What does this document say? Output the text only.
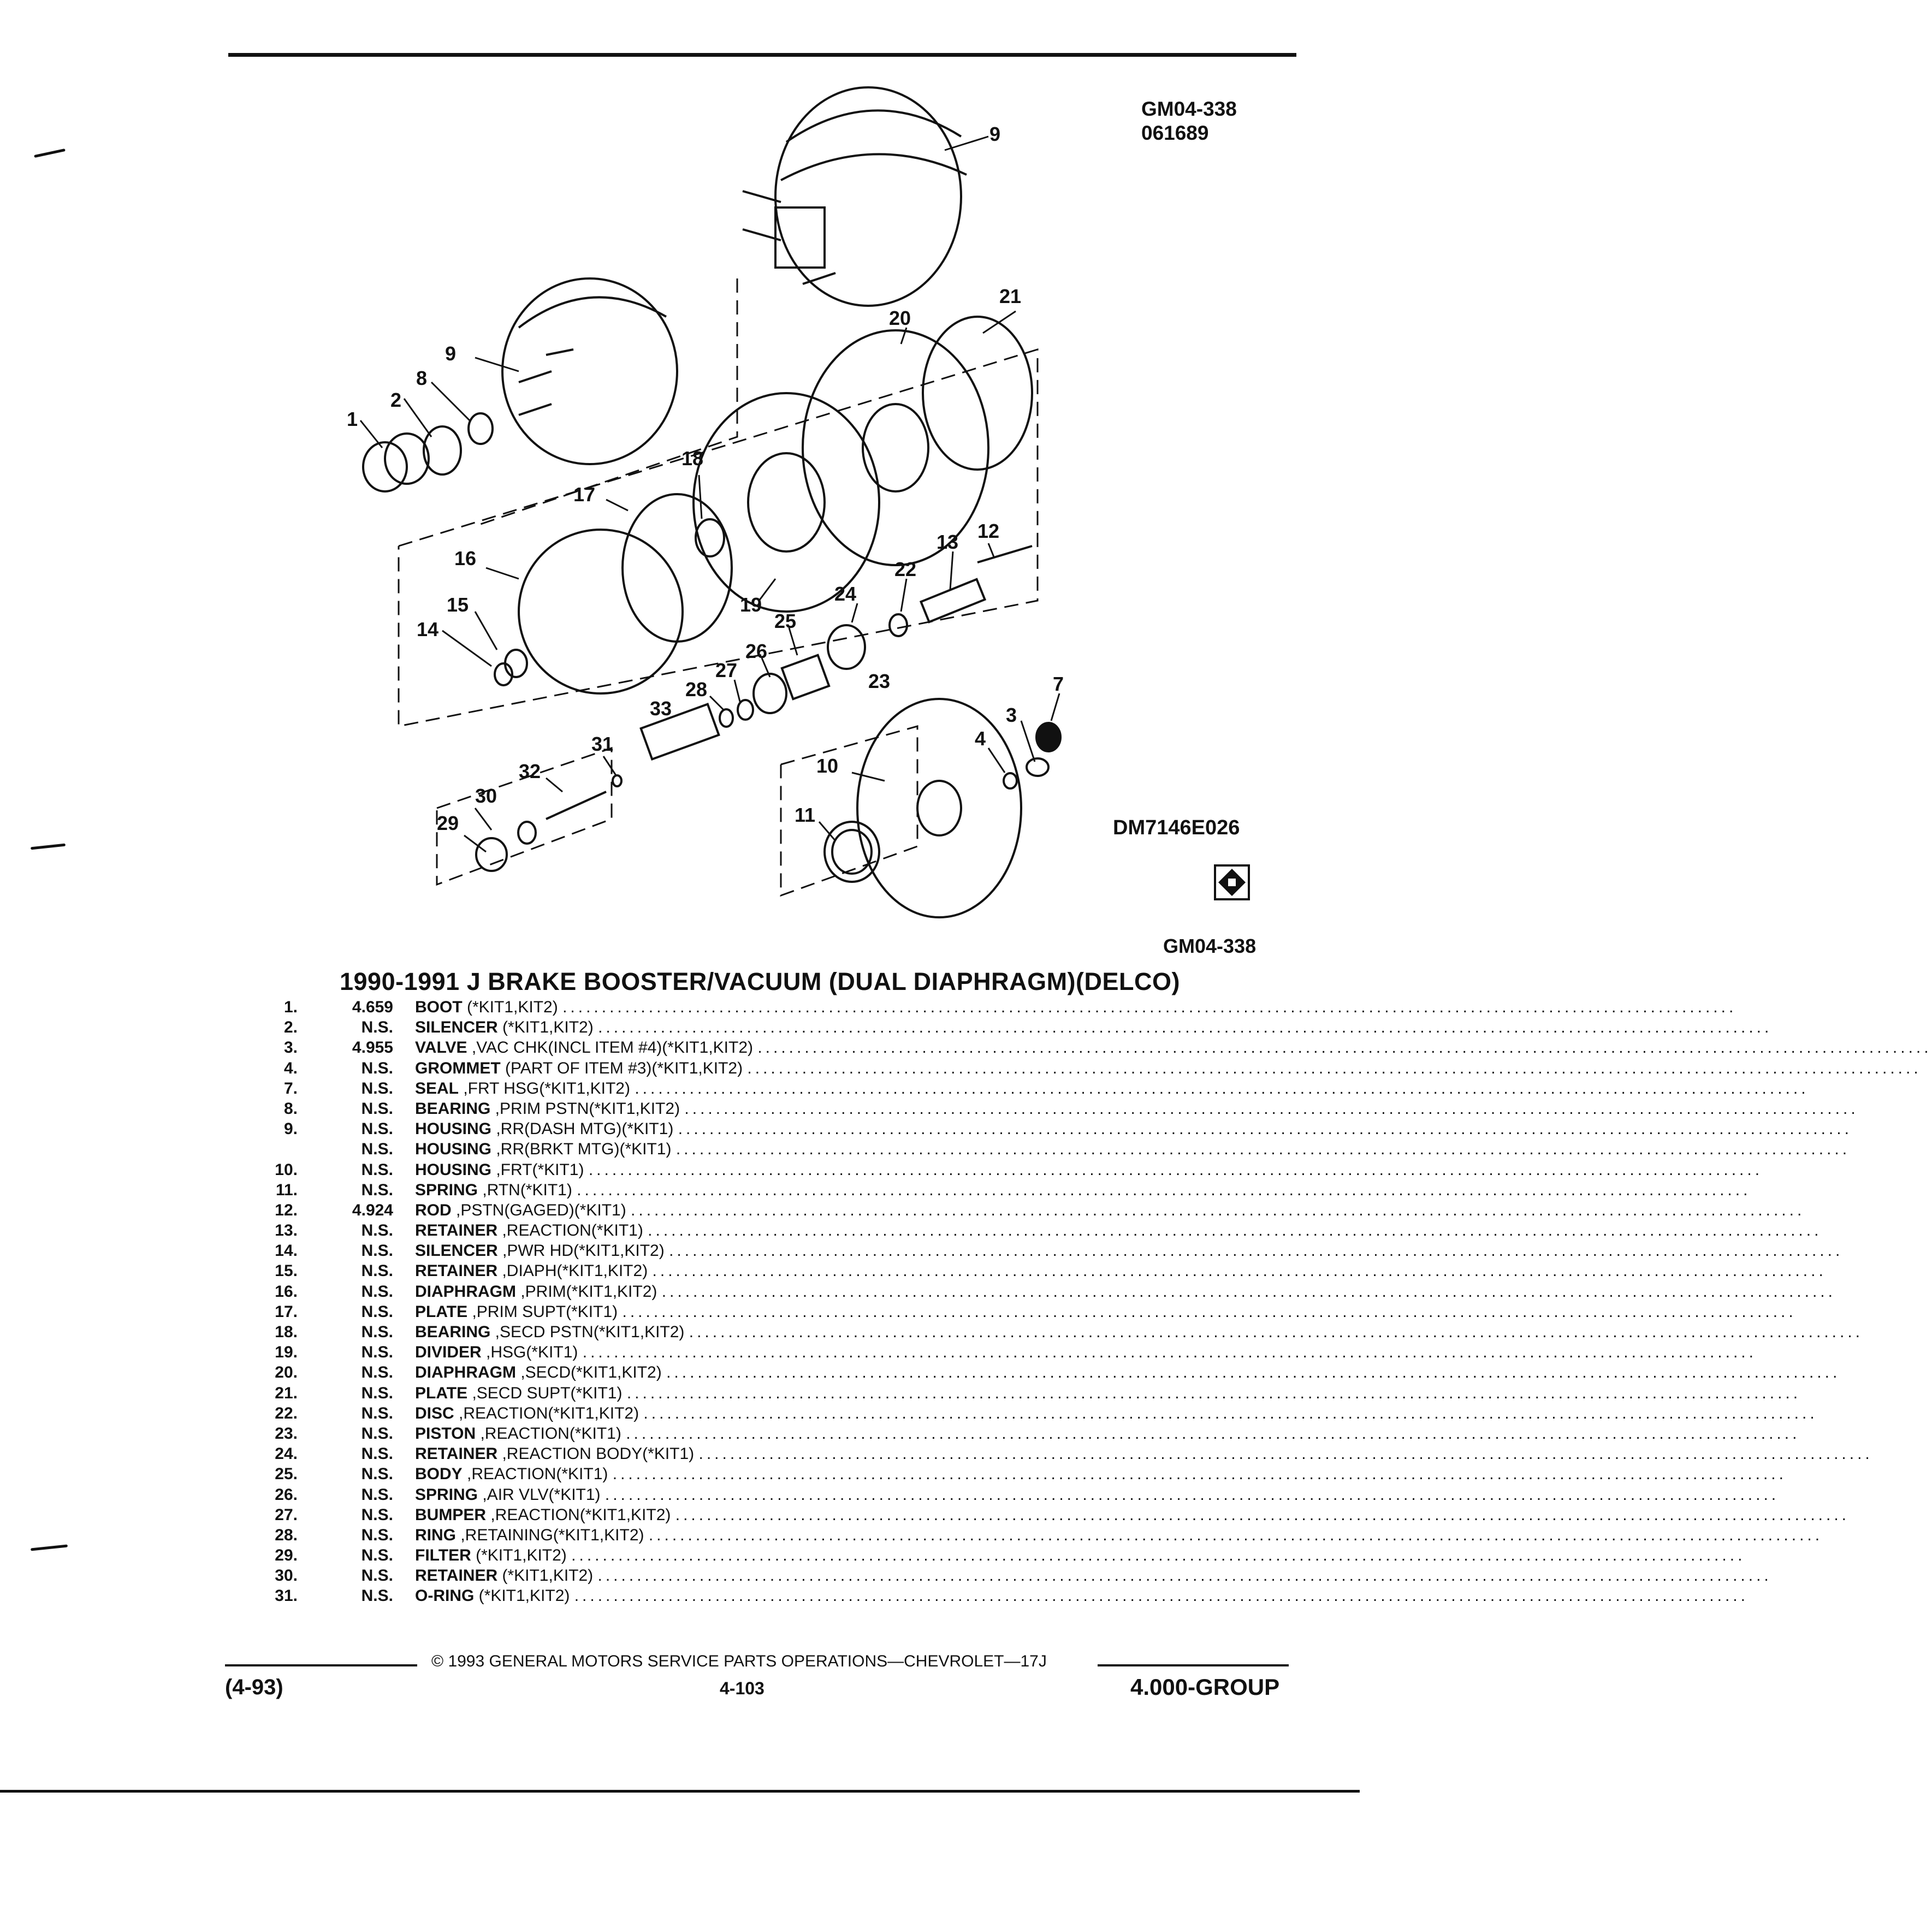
GM04-338
061689
1
2
3
4
7
8
9
9
10
11
12
13
14
15
16
17
18
19
20
21
22
23
24
25
26
27
28
29
30
31
32
33
DM7146E026
GM04-338
1990-1991 J BRAKE BOOSTER/VACUUM (DUAL DIAPHRAGM)(DELCO)
1.	4.659 BOOT (*KIT1,KIT2) ......................................................................................................................................................
2.	N.S. SILENCER (*KIT1,KIT2) ......................................................................................................................................................
3.	4.955 VALVE ,VAC CHK(INCL ITEM #4)(*KIT1,KIT2) ......................................................................................................................................................
4.	N.S. GROMMET (PART OF ITEM #3)(*KIT1,KIT2) ......................................................................................................................................................
7.	N.S. SEAL ,FRT HSG(*KIT1,KIT2) ......................................................................................................................................................
8.	N.S. BEARING ,PRIM PSTN(*KIT1,KIT2) ......................................................................................................................................................
9.	N.S. HOUSING ,RR(DASH MTG)(*KIT1) ......................................................................................................................................................
N.S. HOUSING ,RR(BRKT MTG)(*KIT1) ......................................................................................................................................................
10.	N.S. HOUSING ,FRT(*KIT1) ......................................................................................................................................................
11.	N.S. SPRING ,RTN(*KIT1) ......................................................................................................................................................
12.	4.924 ROD ,PSTN(GAGED)(*KIT1) ......................................................................................................................................................
13.	N.S. RETAINER ,REACTION(*KIT1) ......................................................................................................................................................
14.	N.S. SILENCER ,PWR HD(*KIT1,KIT2) ......................................................................................................................................................
15.	N.S. RETAINER ,DIAPH(*KIT1,KIT2) ......................................................................................................................................................
16.	N.S. DIAPHRAGM ,PRIM(*KIT1,KIT2) ......................................................................................................................................................
17.	N.S. PLATE ,PRIM SUPT(*KIT1) ......................................................................................................................................................
18.	N.S. BEARING ,SECD PSTN(*KIT1,KIT2) ......................................................................................................................................................
19.	N.S. DIVIDER ,HSG(*KIT1) ......................................................................................................................................................
20.	N.S. DIAPHRAGM ,SECD(*KIT1,KIT2) ......................................................................................................................................................
21.	N.S. PLATE ,SECD SUPT(*KIT1) ......................................................................................................................................................
22.	N.S. DISC ,REACTION(*KIT1,KIT2) ......................................................................................................................................................
23.	N.S. PISTON ,REACTION(*KIT1) ......................................................................................................................................................
24.	N.S. RETAINER ,REACTION BODY(*KIT1) ......................................................................................................................................................
25.	N.S. BODY ,REACTION(*KIT1) ......................................................................................................................................................
26.	N.S. SPRING ,AIR VLV(*KIT1) ......................................................................................................................................................
27.	N.S. BUMPER ,REACTION(*KIT1,KIT2) ......................................................................................................................................................
28.	N.S. RING ,RETAINING(*KIT1,KIT2) ......................................................................................................................................................
29.	N.S. FILTER (*KIT1,KIT2) ......................................................................................................................................................
30.	N.S. RETAINER (*KIT1,KIT2) ......................................................................................................................................................
31.	N.S. O-RING (*KIT1,KIT2) ......................................................................................................................................................
© 1993 GENERAL MOTORS SERVICE PARTS OPERATIONS—CHEVROLET—17J
(4-93)	4-103	4.000-GROUP
